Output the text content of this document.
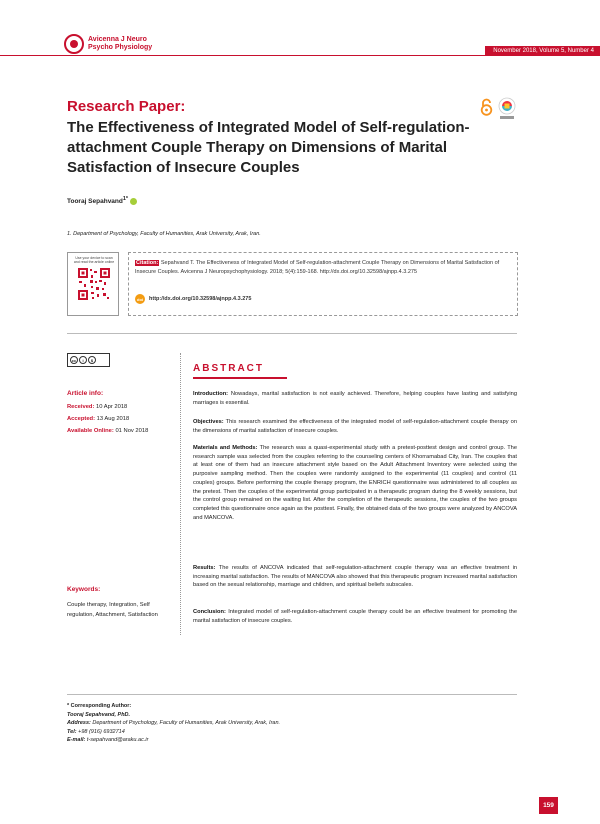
Avicenna J Neuro
Psycho Physiology	November 2018, Volume 5, Number 4
Research Paper:
The Effectiveness of Integrated Model of Self-regulation-attachment Couple Therapy on Dimensions of Marital Satisfaction of Insecure Couples
Tooraj Sepahvand$^{1*}$
1. Department of Psychology, Faculty of Humanities, Arak University, Arak, Iran.
Use your device to scan and read the article online	Citation: Sepahvand T. The Effectiveness of Integrated Model of Self-regulation-attachment Couple Therapy on Dimensions of Marital Satisfaction of Insecure Couples. Avicenna J Neuropsychophysiology. 2018; 5(4):159-168. http://dx.doi.org/10.32598/ajnpp.4.3.275
doi	http://dx.doi.org/10.32598/ajnpp.4.3.275
cc	i	$
Article info:
Received: 10 Apr 2018
Accepted: 13 Aug 2018
Available Online: 01 Nov 2018
Keywords:
Couple therapy, Integration, Self regulation, Attachment, Satisfaction
ABSTRACT
Introduction: Nowadays, marital satisfaction is not easily achieved. Therefore, helping couples have lasting and satisfying marriages is essential.
Objectives: This research examined the effectiveness of the integrated model of self-regulation-attachment couple therapy on the dimensions of marital satisfaction of insecure couples.
Materials and Methods: The research was a quasi-experimental study with a pretest-posttest design and control group. The research sample was selected from the couples referring to the counseling centers of Khorramabad City, Iran. The couples that at least one of them had an insecure attachment style based on the Adult Attachment Inventory were selected using the purposive sampling method. Then the couples were randomly assigned to the experimental (11 couples) and control (11 couples) groups. Before performing the couple therapy program, the ENRICH questionnaire was administered to all couples as the pretest. Then the couples of the experimental group participated in a therapeutic program during the 8 weekly sessions, but the control group remained on the waiting list. After the completion of the therapeutic sessions, the couples of the two groups completed this questionnaire once again as the posttest. Finally, the obtained data of the two groups were analyzed by ANCOVA and MANCOVA.
Results: The results of ANCOVA indicated that self-regulation-attachment couple therapy was an effective treatment in increasing marital satisfaction. The results of MANCOVA also showed that this therapeutic program increased marital satisfaction based on the sexual relationship, marriage and children, and spiritual beliefs subscales.
Conclusion: Integrated model of self-regulation-attachment couple therapy could be an effective treatment for promoting the marital satisfaction of insecure couples.
* Corresponding Author:
Tooraj Sepahvand, PhD.
Address: Department of Psychology, Faculty of Humanities, Arak University, Arak, Iran.
Tel: +98 (916) 6932714
E-mail: t-sepahvand@araku.ac.ir
159
